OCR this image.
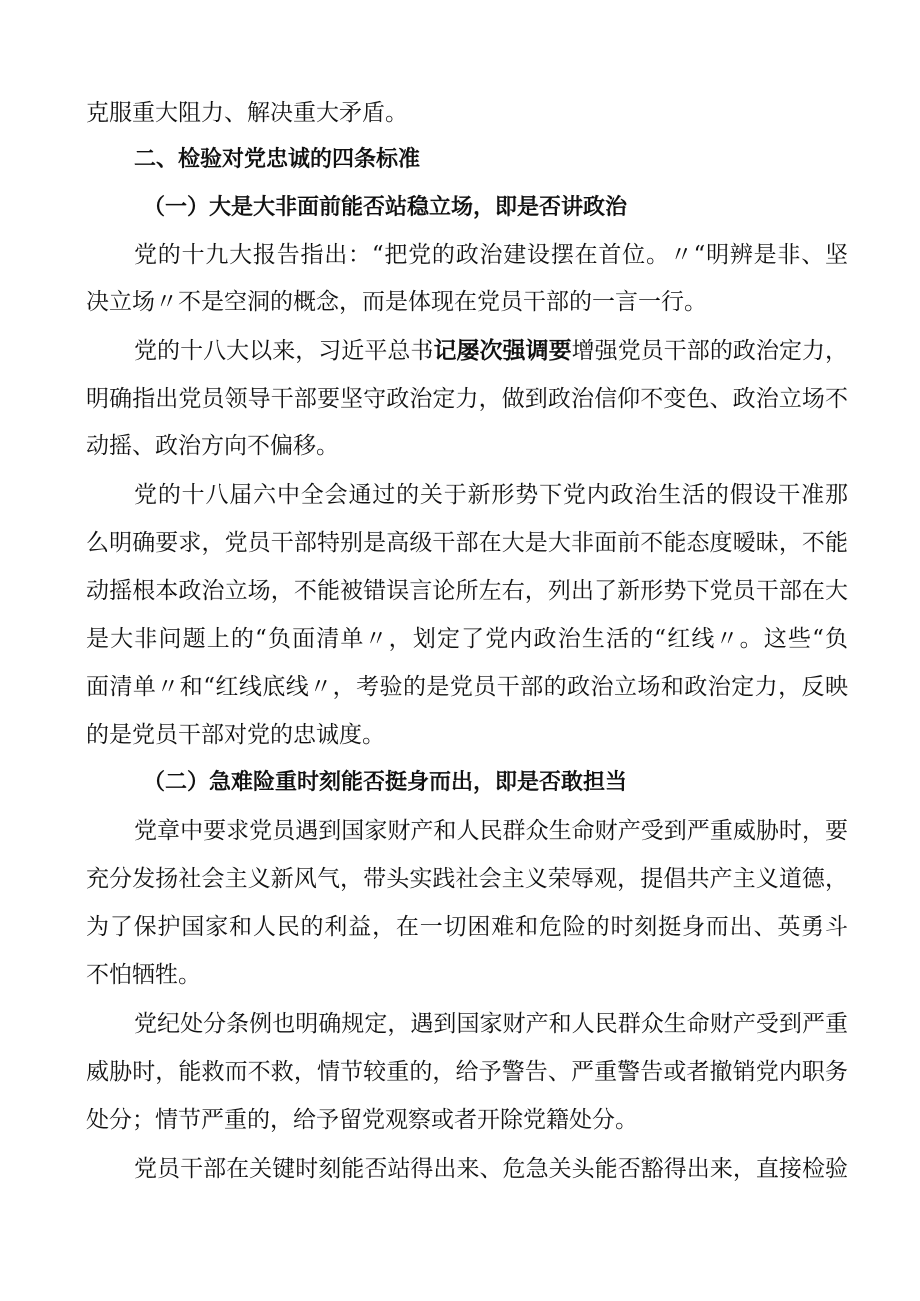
克服重大阻力、解决重大矛盾。
二、检验对党忠诚的四条标准
（一）大是大非面前能否站稳立场，即是否讲政治
党的十九大报告指出：“把党的政治建设摆在首位。〃“明辨是非、坚
决立场〃不是空洞的概念，而是体现在党员干部的一言一行。
党的十八大以来，习近平总书记屡次强调要增强党员干部的政治定力，
明确指出党员领导干部要坚守政治定力，做到政治信仰不变色、政治立场不
动摇、政治方向不偏移。
党的十八届六中全会通过的关于新形势下党内政治生活的假设干准那
么明确要求，党员干部特别是高级干部在大是大非面前不能态度暧昧，不能
动摇根本政治立场，不能被错误言论所左右，列出了新形势下党员干部在大
是大非问题上的“负面清单〃，划定了党内政治生活的“红线〃。这些“负
面清单〃和“红线底线〃，考验的是党员干部的政治立场和政治定力，反映
的是党员干部对党的忠诚度。
（二）急难险重时刻能否挺身而出，即是否敢担当
党章中要求党员遇到国家财产和人民群众生命财产受到严重威胁时，要
充分发扬社会主义新风气，带头实践社会主义荣辱观，提倡共产主义道德，
为了保护国家和人民的利益，在一切困难和危险的时刻挺身而出、英勇斗
不怕牺牲。
党纪处分条例也明确规定，遇到国家财产和人民群众生命财产受到严重
威胁时，能救而不救，情节较重的，给予警告、严重警告或者撤销党内职务
处分；情节严重的，给予留党观察或者开除党籍处分。
党员干部在关键时刻能否站得出来、危急关头能否豁得出来，直接检验
